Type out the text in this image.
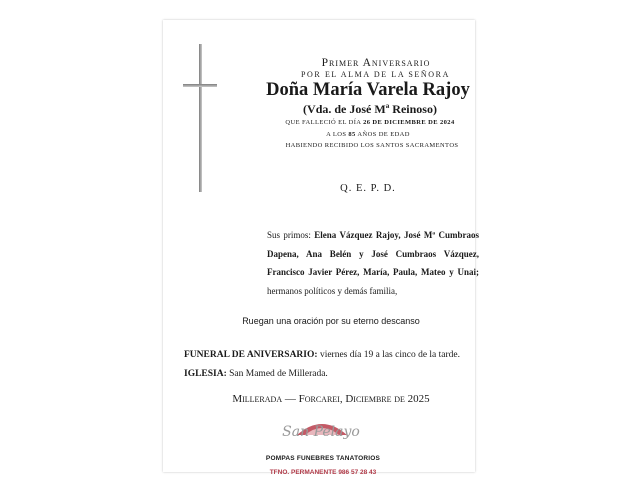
Primer Aniversario
POR EL ALMA DE LA SEÑORA
Doña María Varela Rajoy
(Vda. de José Mª Reinoso)
QUE FALLECIÓ EL DÍA 26 DE DICIEMBRE DE 2024
A LOS 85 AÑOS DE EDAD
HABIENDO RECIBIDO LOS SANTOS SACRAMENTOS
Q. E. P. D.
Sus primos: Elena Vázquez Rajoy, José Mª Cumbraos Dapena, Ana Belén y José Cumbraos Vázquez, Francisco Javier Pérez, María, Paula, Mateo y Unai; hermanos políticos y demás familia,
Ruegan una oración por su eterno descanso
FUNERAL DE ANIVERSARIO: viernes día 19 a las cinco de la tarde.
IGLESIA: San Mamed de Millerada.
Millerada — Forcarei, Diciembre de 2025
San Pelayo
POMPAS FUNEBRES TANATORIOS
TFNO. PERMANENTE 986 57 28 43
